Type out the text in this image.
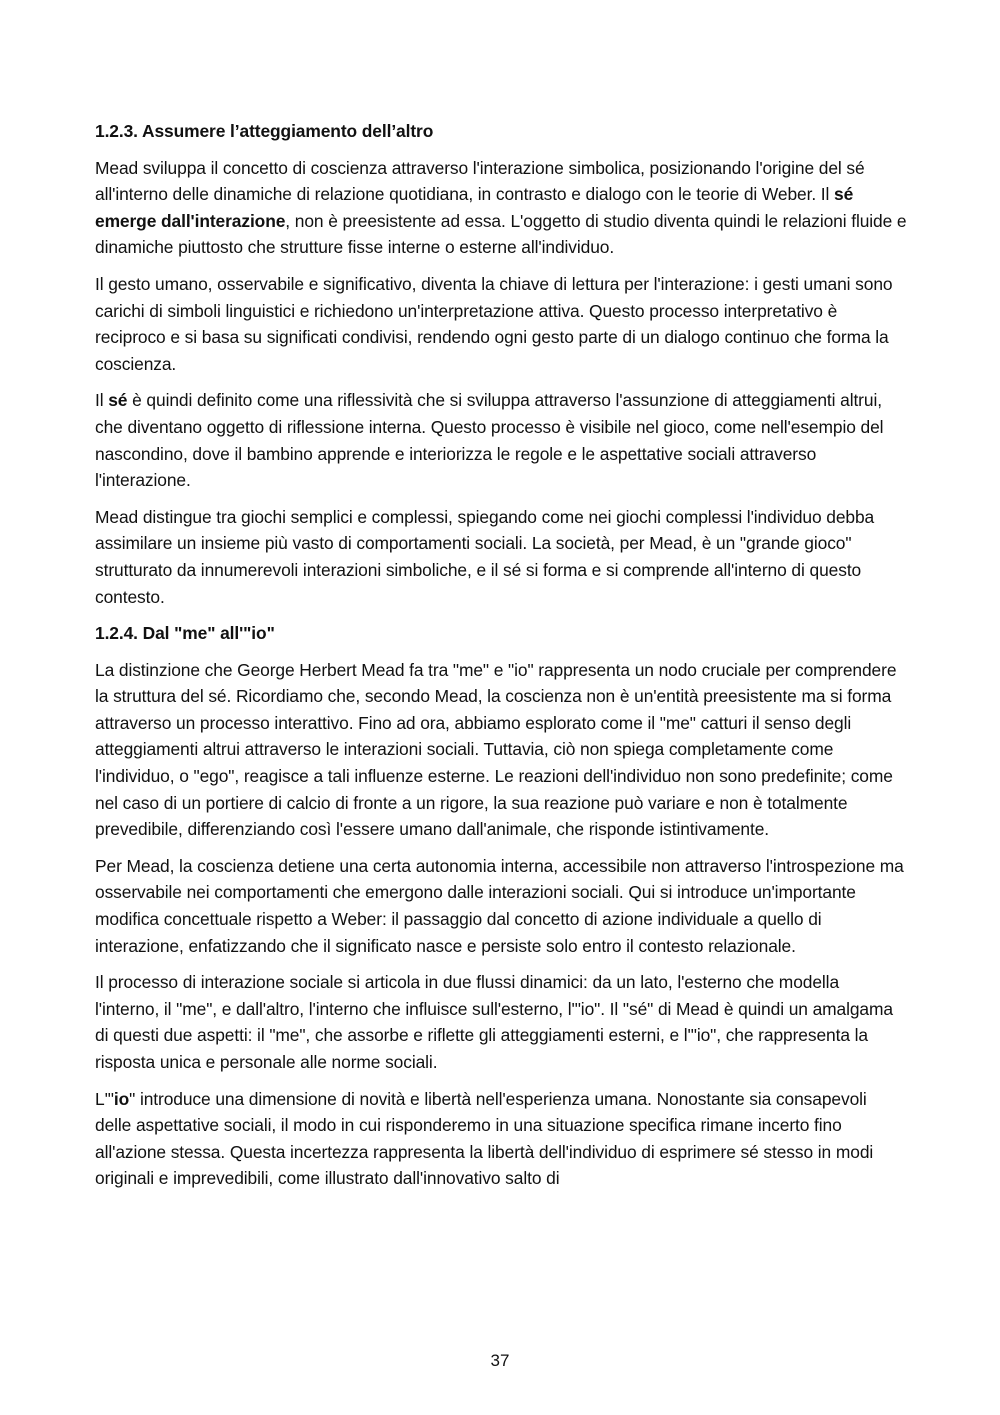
1.2.3. Assumere l’atteggiamento dell’altro

Mead sviluppa il concetto di coscienza attraverso l'interazione simbolica, posizionando l'origine del sé all'interno delle dinamiche di relazione quotidiana, in contrasto e dialogo con le teorie di Weber. Il sé emerge dall'interazione, non è preesistente ad essa. L'oggetto di studio diventa quindi le relazioni fluide e dinamiche piuttosto che strutture fisse interne o esterne all'individuo.

Il gesto umano, osservabile e significativo, diventa la chiave di lettura per l'interazione: i gesti umani sono carichi di simboli linguistici e richiedono un'interpretazione attiva. Questo processo interpretativo è reciproco e si basa su significati condivisi, rendendo ogni gesto parte di un dialogo continuo che forma la coscienza.

Il sé è quindi definito come una riflessività che si sviluppa attraverso l'assunzione di atteggiamenti altrui, che diventano oggetto di riflessione interna. Questo processo è visibile nel gioco, come nell'esempio del nascondino, dove il bambino apprende e interiorizza le regole e le aspettative sociali attraverso l'interazione.

Mead distingue tra giochi semplici e complessi, spiegando come nei giochi complessi l'individuo debba assimilare un insieme più vasto di comportamenti sociali. La società, per Mead, è un "grande gioco" strutturato da innumerevoli interazioni simboliche, e il sé si forma e si comprende all'interno di questo contesto.

1.2.4. Dal "me" all'"io"

La distinzione che George Herbert Mead fa tra "me" e "io" rappresenta un nodo cruciale per comprendere la struttura del sé. Ricordiamo che, secondo Mead, la coscienza non è un'entità preesistente ma si forma attraverso un processo interattivo. Fino ad ora, abbiamo esplorato come il "me" catturi il senso degli atteggiamenti altrui attraverso le interazioni sociali. Tuttavia, ciò non spiega completamente come l'individuo, o "ego", reagisce a tali influenze esterne. Le reazioni dell'individuo non sono predefinite; come nel caso di un portiere di calcio di fronte a un rigore, la sua reazione può variare e non è totalmente prevedibile, differenziando così l'essere umano dall'animale, che risponde istintivamente.

Per Mead, la coscienza detiene una certa autonomia interna, accessibile non attraverso l'introspezione ma osservabile nei comportamenti che emergono dalle interazioni sociali. Qui si introduce un'importante modifica concettuale rispetto a Weber: il passaggio dal concetto di azione individuale a quello di interazione, enfatizzando che il significato nasce e persiste solo entro il contesto relazionale.

Il processo di interazione sociale si articola in due flussi dinamici: da un lato, l'esterno che modella l'interno, il "me", e dall'altro, l'interno che influisce sull'esterno, l'"io". Il "sé" di Mead è quindi un amalgama di questi due aspetti: il "me", che assorbe e riflette gli atteggiamenti esterni, e l'"io", che rappresenta la risposta unica e personale alle norme sociali.

L'"io" introduce una dimensione di novità e libertà nell'esperienza umana. Nonostante sia consapevoli delle aspettative sociali, il modo in cui risponderemo in una situazione specifica rimane incerto fino all'azione stessa. Questa incertezza rappresenta la libertà dell'individuo di esprimere sé stesso in modi originali e imprevedibili, come illustrato dall'innovativo salto di

37
